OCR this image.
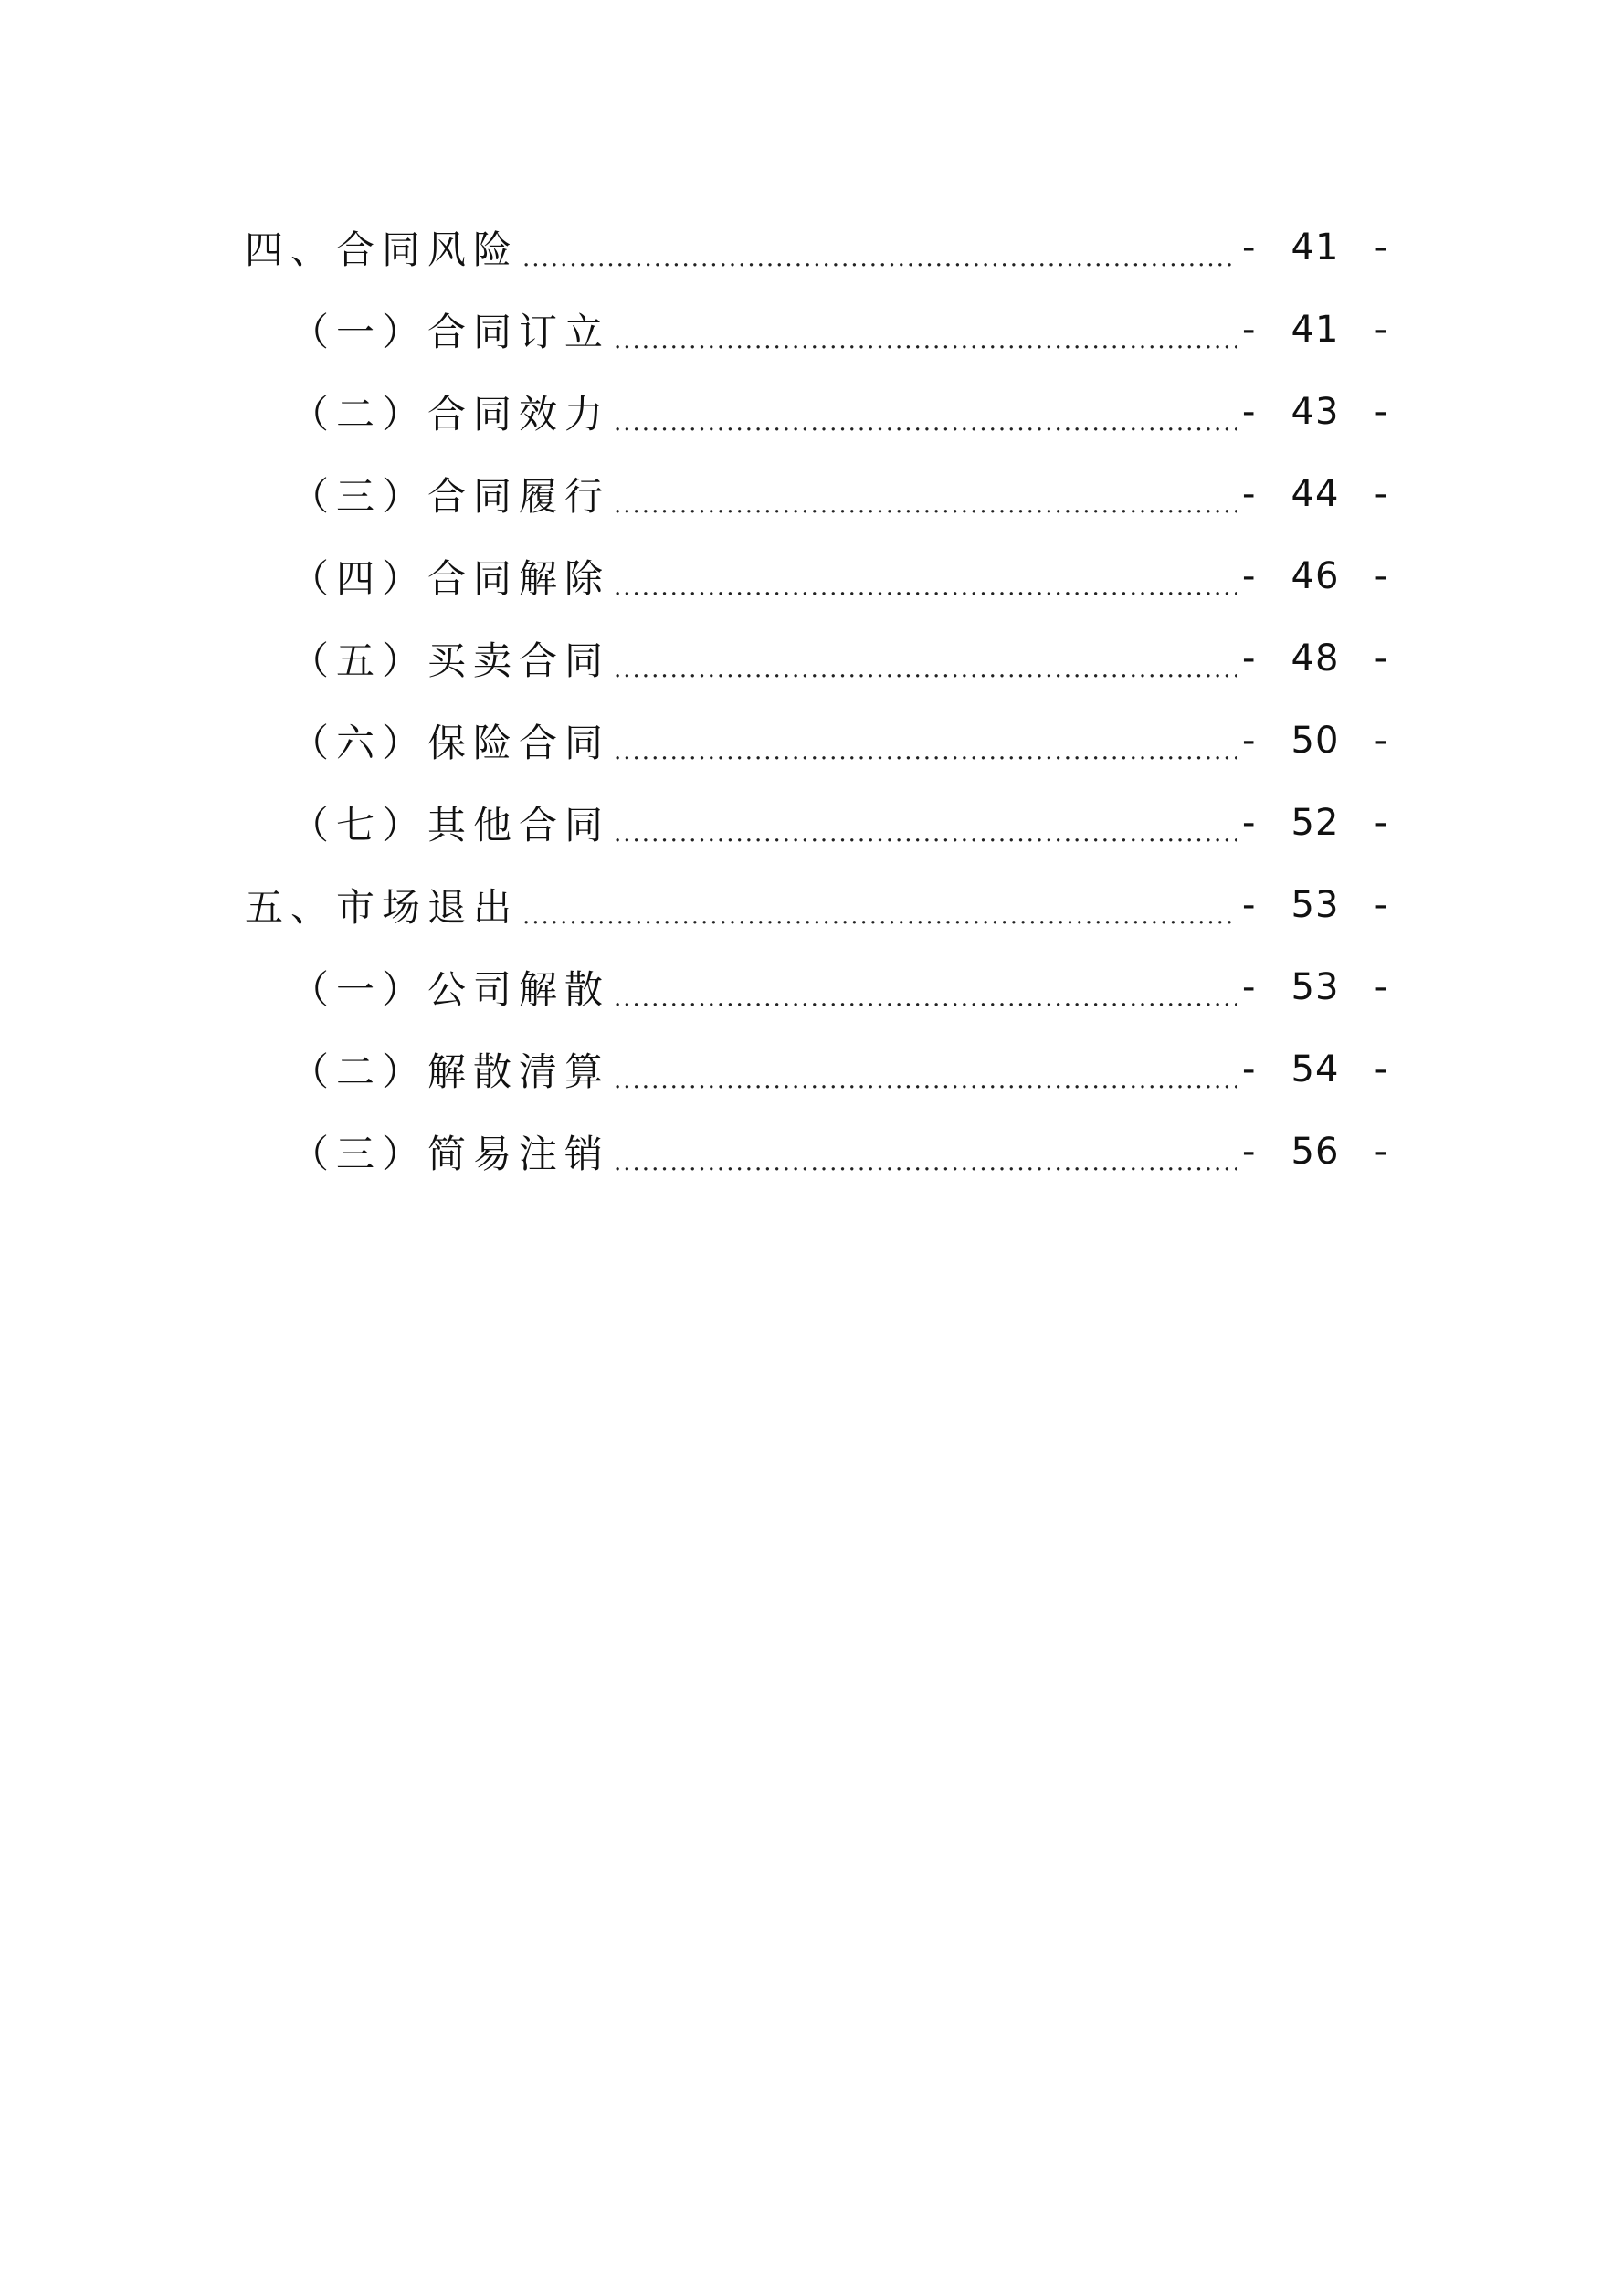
四、合同风险 .....	- 41 -
（一）合同订立 .....	- 41 -
（二）合同效力 .....	- 43 -
（三）合同履行 .....	- 44 -
（四）合同解除 .....	- 46 -
（五）买卖合同 .....	- 48 -
（六）保险合同 .....	- 50 -
（七）其他合同 .....	- 52 -
五、市场退出 .....	- 53 -
（一）公司解散 .....	- 53 -
（二）解散清算 .....	- 54 -
（三）简易注销 .....	- 56 -
